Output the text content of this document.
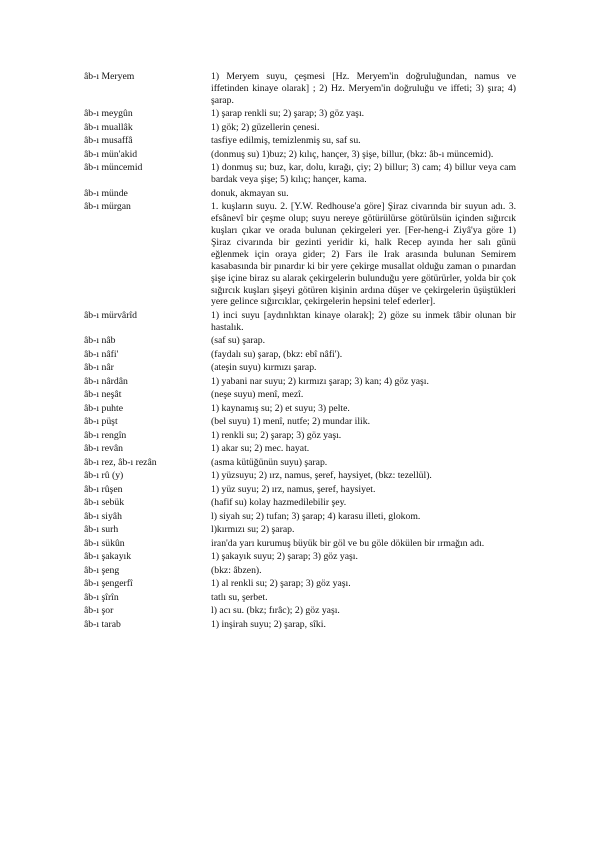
âb-ı Meryem	1) Meryem suyu, çeşmesi [Hz. Meryem'in doğruluğundan, namus ve iffetinden kinaye olarak] ; 2) Hz. Meryem'in doğruluğu ve iffeti; 3) şıra; 4) şarap.
âb-ı meygûn	1) şarap renkli su; 2) şarap; 3) göz yaşı.
âb-ı muallâk	1) gök; 2) güzellerin çenesi.
âb-ı musaffâ	tasfiye edilmiş, temizlenmiş su, saf su.
âb-ı mün'akid	(donmuş su) 1)buz; 2) kılıç, hançer, 3) şişe, billur, (bkz: âb-ı müncemid).
âb-ı müncemid	1) donmuş su; buz, kar, dolu, kırağı, çiy; 2) billur; 3) cam; 4) billur veya cam bardak veya şişe; 5) kılıç; hançer, kama.
âb-ı münde	donuk, akmayan su.
âb-ı mürgan	1. kuşların suyu. 2. [Y.W. Redhouse'a göre] Şiraz civarında bir suyun adı. 3. efsânevî bir çeşme olup; suyu nereye götürülürse götürülsün içinden sığırcık kuşları çıkar ve orada bulunan çekirgeleri yer. [Fer-heng-i Ziyâ'ya göre 1) Şiraz civarında bir gezinti yeridir ki, halk Recep ayında her salı günü eğlenmek için oraya gider; 2) Fars ile Irak arasında bulunan Semirem kasabasında bir pınardır ki bir yere çekirge musallat olduğu zaman o pınardan şişe içine biraz su alarak çekirgelerin bulunduğu yere götürürler, yolda bir çok sığırcık kuşları şişeyi götüren kişinin ardına düşer ve çekirgelerin üşüştükleri yere gelince sığırcıklar, çekirgelerin hepsini telef ederler].
âb-ı mürvârîd	1) inci suyu [aydınlıktan kinaye olarak]; 2) göze su inmek tâbir olunan bir hastalık.
âb-ı nâb	(saf su) şarap.
âb-ı nâfi'	(faydalı su) şarap, (bkz: ebî nâfi').
âb-ı nâr	(ateşin suyu) kırmızı şarap.
âb-ı nârdân	1) yabani nar suyu; 2) kırmızı şarap; 3) kan; 4) göz yaşı.
âb-ı neşât	(neşe suyu) menî, mezî.
âb-ı puhte	1) kaynamış su; 2) et suyu; 3) pelte.
âb-ı püşt	(bel suyu) 1) menî, nutfe; 2) mundar ilik.
âb-ı rengîn	1) renkli su; 2) şarap; 3) göz yaşı.
âb-ı revân	1) akar su; 2) mec. hayat.
âb-ı rez, âb-ı rezân	(asma kütüğünün suyu) şarap.
âb-ı rû (y)	1) yüzsuyu; 2) ırz, namus, şeref, haysiyet, (bkz: tezellül).
âb-ı rûşen	1) yüz suyu; 2) ırz, namus, şeref, haysiyet.
âb-ı sebük	(hafif su) kolay hazmedilebilir şey.
âb-ı siyâh	l) siyah su; 2) tufan; 3) şarap; 4) karasu illeti, glokom.
âb-ı surh	l)kırmızı su; 2) şarap.
âb-ı sükûn	iran'da yarı kurumuş büyük bir göl ve bu göle dökülen bir ırmağın adı.
âb-ı şakayık	1) şakayık suyu; 2) şarap; 3) göz yaşı.
âb-ı şeng	(bkz: âbzen).
âb-ı şengerfî	1) al renkli su; 2) şarap; 3) göz yaşı.
âb-ı şîrîn	tatlı su, şerbet.
âb-ı şor	l) acı su. (bkz; fırâc); 2) göz yaşı.
âb-ı tarab	1) inşirah suyu; 2) şarap, sîki.
